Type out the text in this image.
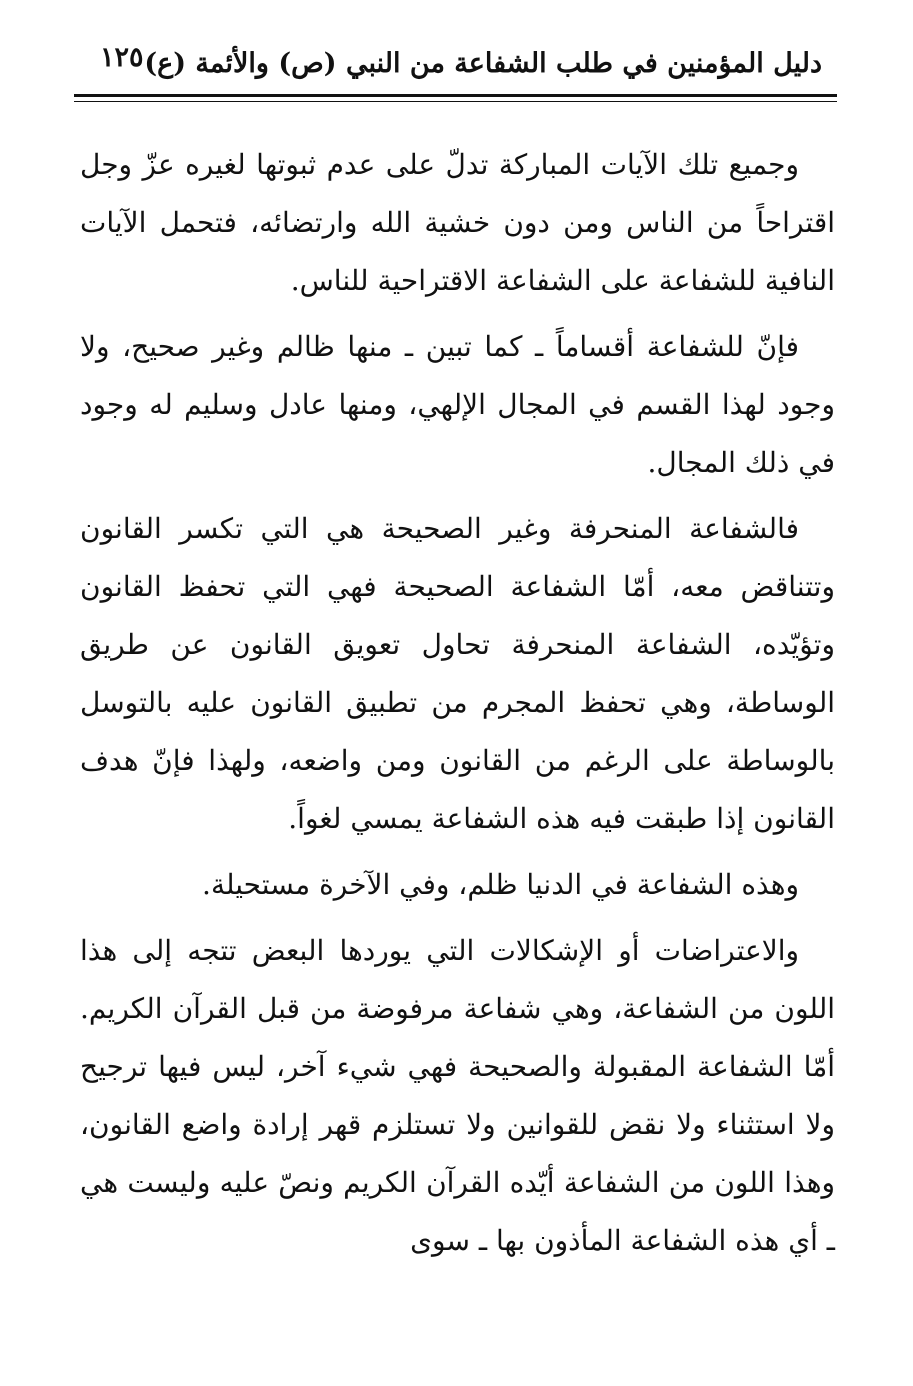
دليل المؤمنين في طلب الشفاعة من النبي (ص) والأئمة (ع)
١٢٥

وجميع تلك الآيات المباركة تدلّ على عدم ثبوتها لغيره عزّ وجل اقتراحاً من الناس ومن دون خشية الله وارتضائه، فتحمل الآيات النافية للشفاعة على الشفاعة الاقتراحية للناس.

فإنّ للشفاعة أقساماً ـ كما تبين ـ منها ظالم وغير صحيح، ولا وجود لهذا القسم في المجال الإلهي، ومنها عادل وسليم له وجود في ذلك المجال.

فالشفاعة المنحرفة وغير الصحيحة هي التي تكسر القانون وتتناقض معه، أمّا الشفاعة الصحيحة فهي التي تحفظ القانون وتؤيّده، الشفاعة المنحرفة تحاول تعويق القانون عن طريق الوساطة، وهي تحفظ المجرم من تطبيق القانون عليه بالتوسل بالوساطة على الرغم من القانون ومن واضعه، ولهذا فإنّ هدف القانون إذا طبقت فيه هذه الشفاعة يمسي لغواً.

وهذه الشفاعة في الدنيا ظلم، وفي الآخرة مستحيلة.

والاعتراضات أو الإشكالات التي يوردها البعض تتجه إلى هذا اللون من الشفاعة، وهي شفاعة مرفوضة من قبل القرآن الكريم. أمّا الشفاعة المقبولة والصحيحة فهي شيء آخر، ليس فيها ترجيح ولا استثناء ولا نقض للقوانين ولا تستلزم قهر إرادة واضع القانون، وهذا اللون من الشفاعة أيّده القرآن الكريم ونصّ عليه وليست هي ـ أي هذه الشفاعة المأذون بها ـ سوى
